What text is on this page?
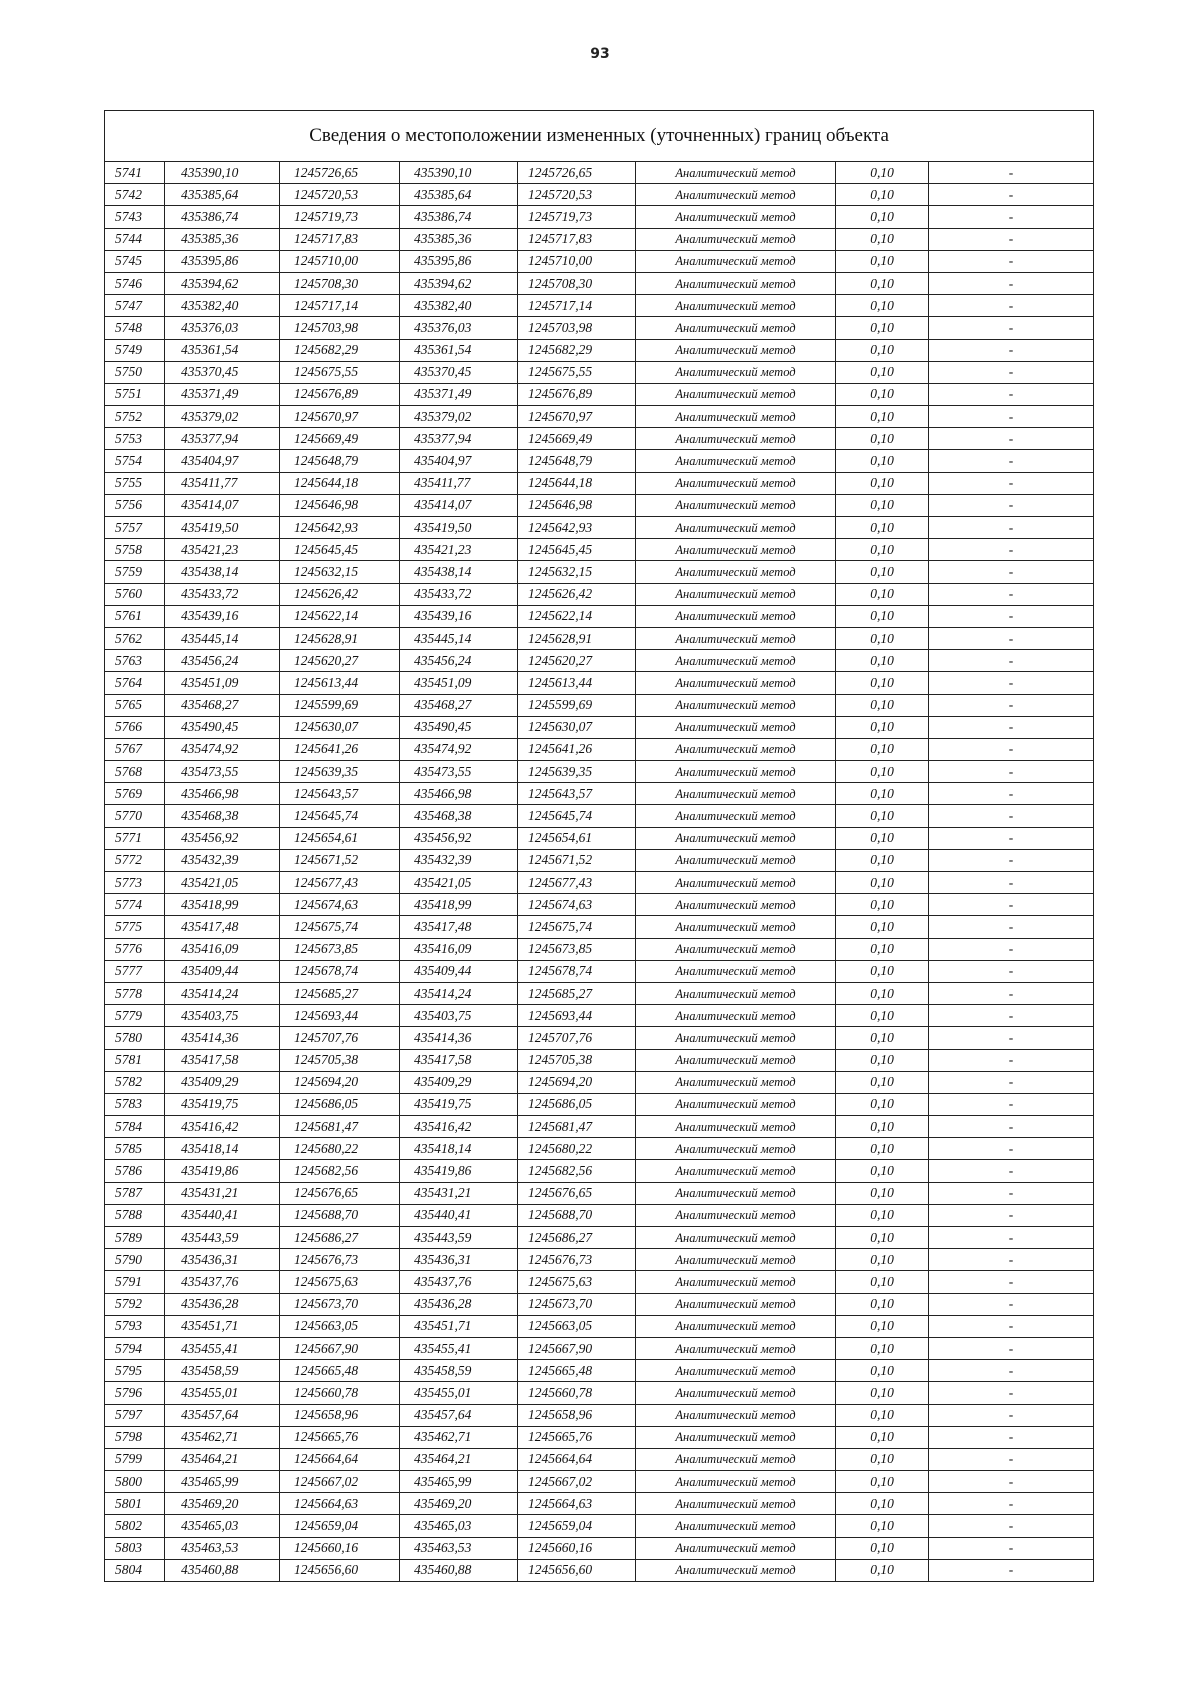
93
Сведения о местоположении измененных (уточненных) границ объекта							
5741	435390,10	1245726,65	435390,10	1245726,65	Аналитический метод	0,10	-
5742	435385,64	1245720,53	435385,64	1245720,53	Аналитический метод	0,10	-
5743	435386,74	1245719,73	435386,74	1245719,73	Аналитический метод	0,10	-
5744	435385,36	1245717,83	435385,36	1245717,83	Аналитический метод	0,10	-
5745	435395,86	1245710,00	435395,86	1245710,00	Аналитический метод	0,10	-
5746	435394,62	1245708,30	435394,62	1245708,30	Аналитический метод	0,10	-
5747	435382,40	1245717,14	435382,40	1245717,14	Аналитический метод	0,10	-
5748	435376,03	1245703,98	435376,03	1245703,98	Аналитический метод	0,10	-
5749	435361,54	1245682,29	435361,54	1245682,29	Аналитический метод	0,10	-
5750	435370,45	1245675,55	435370,45	1245675,55	Аналитический метод	0,10	-
5751	435371,49	1245676,89	435371,49	1245676,89	Аналитический метод	0,10	-
5752	435379,02	1245670,97	435379,02	1245670,97	Аналитический метод	0,10	-
5753	435377,94	1245669,49	435377,94	1245669,49	Аналитический метод	0,10	-
5754	435404,97	1245648,79	435404,97	1245648,79	Аналитический метод	0,10	-
5755	435411,77	1245644,18	435411,77	1245644,18	Аналитический метод	0,10	-
5756	435414,07	1245646,98	435414,07	1245646,98	Аналитический метод	0,10	-
5757	435419,50	1245642,93	435419,50	1245642,93	Аналитический метод	0,10	-
5758	435421,23	1245645,45	435421,23	1245645,45	Аналитический метод	0,10	-
5759	435438,14	1245632,15	435438,14	1245632,15	Аналитический метод	0,10	-
5760	435433,72	1245626,42	435433,72	1245626,42	Аналитический метод	0,10	-
5761	435439,16	1245622,14	435439,16	1245622,14	Аналитический метод	0,10	-
5762	435445,14	1245628,91	435445,14	1245628,91	Аналитический метод	0,10	-
5763	435456,24	1245620,27	435456,24	1245620,27	Аналитический метод	0,10	-
5764	435451,09	1245613,44	435451,09	1245613,44	Аналитический метод	0,10	-
5765	435468,27	1245599,69	435468,27	1245599,69	Аналитический метод	0,10	-
5766	435490,45	1245630,07	435490,45	1245630,07	Аналитический метод	0,10	-
5767	435474,92	1245641,26	435474,92	1245641,26	Аналитический метод	0,10	-
5768	435473,55	1245639,35	435473,55	1245639,35	Аналитический метод	0,10	-
5769	435466,98	1245643,57	435466,98	1245643,57	Аналитический метод	0,10	-
5770	435468,38	1245645,74	435468,38	1245645,74	Аналитический метод	0,10	-
5771	435456,92	1245654,61	435456,92	1245654,61	Аналитический метод	0,10	-
5772	435432,39	1245671,52	435432,39	1245671,52	Аналитический метод	0,10	-
5773	435421,05	1245677,43	435421,05	1245677,43	Аналитический метод	0,10	-
5774	435418,99	1245674,63	435418,99	1245674,63	Аналитический метод	0,10	-
5775	435417,48	1245675,74	435417,48	1245675,74	Аналитический метод	0,10	-
5776	435416,09	1245673,85	435416,09	1245673,85	Аналитический метод	0,10	-
5777	435409,44	1245678,74	435409,44	1245678,74	Аналитический метод	0,10	-
5778	435414,24	1245685,27	435414,24	1245685,27	Аналитический метод	0,10	-
5779	435403,75	1245693,44	435403,75	1245693,44	Аналитический метод	0,10	-
5780	435414,36	1245707,76	435414,36	1245707,76	Аналитический метод	0,10	-
5781	435417,58	1245705,38	435417,58	1245705,38	Аналитический метод	0,10	-
5782	435409,29	1245694,20	435409,29	1245694,20	Аналитический метод	0,10	-
5783	435419,75	1245686,05	435419,75	1245686,05	Аналитический метод	0,10	-
5784	435416,42	1245681,47	435416,42	1245681,47	Аналитический метод	0,10	-
5785	435418,14	1245680,22	435418,14	1245680,22	Аналитический метод	0,10	-
5786	435419,86	1245682,56	435419,86	1245682,56	Аналитический метод	0,10	-
5787	435431,21	1245676,65	435431,21	1245676,65	Аналитический метод	0,10	-
5788	435440,41	1245688,70	435440,41	1245688,70	Аналитический метод	0,10	-
5789	435443,59	1245686,27	435443,59	1245686,27	Аналитический метод	0,10	-
5790	435436,31	1245676,73	435436,31	1245676,73	Аналитический метод	0,10	-
5791	435437,76	1245675,63	435437,76	1245675,63	Аналитический метод	0,10	-
5792	435436,28	1245673,70	435436,28	1245673,70	Аналитический метод	0,10	-
5793	435451,71	1245663,05	435451,71	1245663,05	Аналитический метод	0,10	-
5794	435455,41	1245667,90	435455,41	1245667,90	Аналитический метод	0,10	-
5795	435458,59	1245665,48	435458,59	1245665,48	Аналитический метод	0,10	-
5796	435455,01	1245660,78	435455,01	1245660,78	Аналитический метод	0,10	-
5797	435457,64	1245658,96	435457,64	1245658,96	Аналитический метод	0,10	-
5798	435462,71	1245665,76	435462,71	1245665,76	Аналитический метод	0,10	-
5799	435464,21	1245664,64	435464,21	1245664,64	Аналитический метод	0,10	-
5800	435465,99	1245667,02	435465,99	1245667,02	Аналитический метод	0,10	-
5801	435469,20	1245664,63	435469,20	1245664,63	Аналитический метод	0,10	-
5802	435465,03	1245659,04	435465,03	1245659,04	Аналитический метод	0,10	-
5803	435463,53	1245660,16	435463,53	1245660,16	Аналитический метод	0,10	-
5804	435460,88	1245656,60	435460,88	1245656,60	Аналитический метод	0,10	-
